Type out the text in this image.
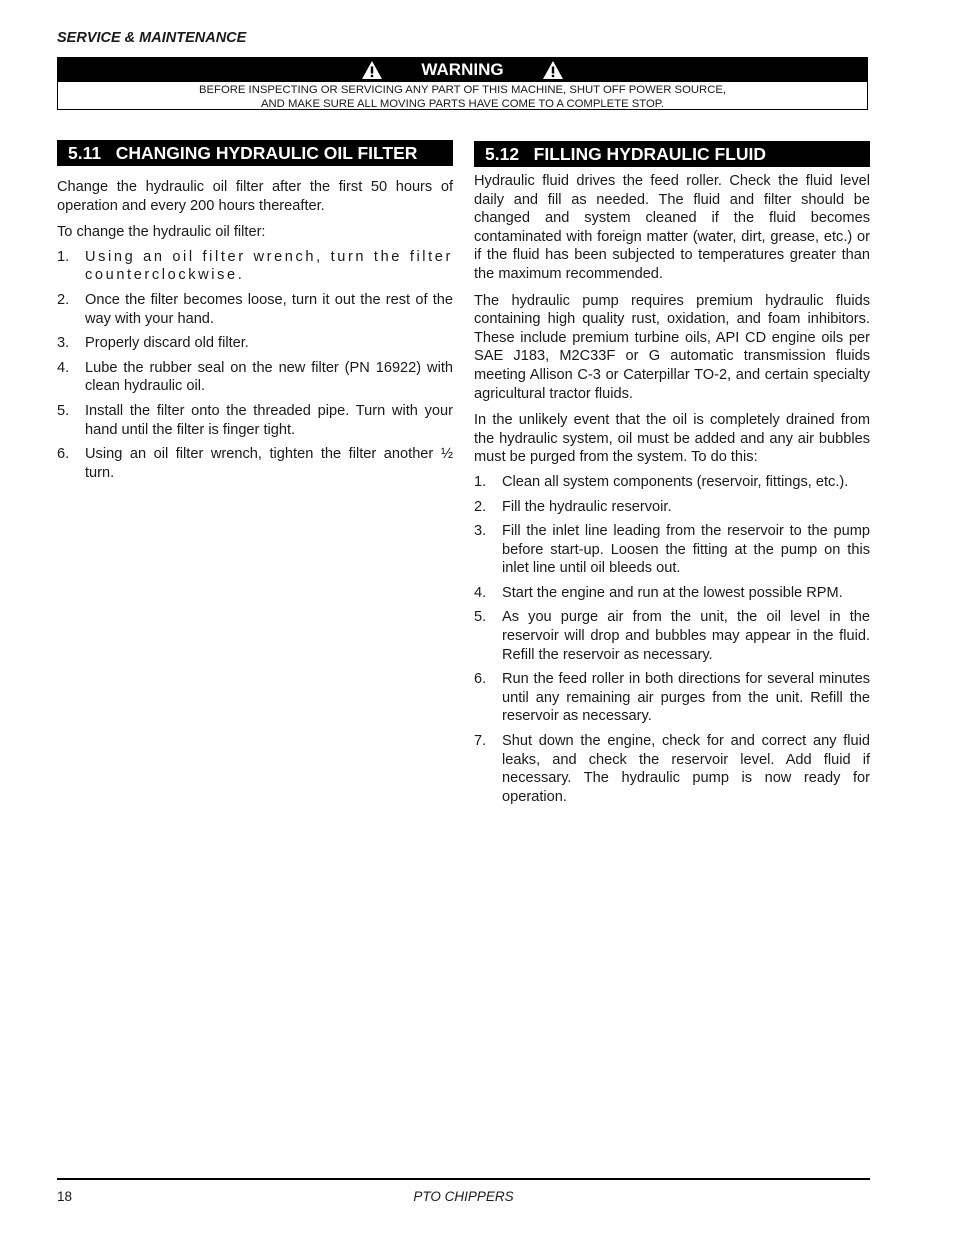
SERVICE & MAINTENANCE
WARNING
BEFORE INSPECTING OR SERVICING ANY PART OF THIS MACHINE, SHUT OFF POWER SOURCE,
AND MAKE SURE ALL MOVING PARTS HAVE COME TO A COMPLETE STOP.
5.11 CHANGING HYDRAULIC OIL FILTER

Change the hydraulic oil filter after the first 50 hours of operation and every 200 hours thereafter.

To change the hydraulic oil filter:

1. Using an oil filter wrench, turn the filter counterclockwise.
2. Once the filter becomes loose, turn it out the rest of the way with your hand.
3. Properly discard old filter.
4. Lube the rubber seal on the new filter (PN 16922) with clean hydraulic oil.
5. Install the filter onto the threaded pipe. Turn with your hand until the filter is finger tight.
6. Using an oil filter wrench, tighten the filter another ½ turn.
5.12 FILLING HYDRAULIC FLUID

Hydraulic fluid drives the feed roller. Check the fluid level daily and fill as needed. The fluid and filter should be changed and system cleaned if the fluid becomes contaminated with foreign matter (water, dirt, grease, etc.) or if the fluid has been subjected to temperatures greater than the maximum recommended.

The hydraulic pump requires premium hydraulic fluids containing high quality rust, oxidation, and foam inhibitors. These include premium turbine oils, API CD engine oils per SAE J183, M2C33F or G automatic transmission fluids meeting Allison C-3 or Caterpillar TO-2, and certain specialty agricultural tractor fluids.

In the unlikely event that the oil is completely drained from the hydraulic system, oil must be added and any air bubbles must be purged from the system. To do this:

1. Clean all system components (reservoir, fittings, etc.).
2. Fill the hydraulic reservoir.
3. Fill the inlet line leading from the reservoir to the pump before start-up. Loosen the fitting at the pump on this inlet line until oil bleeds out.
4. Start the engine and run at the lowest possible RPM.
5. As you purge air from the unit, the oil level in the reservoir will drop and bubbles may appear in the fluid. Refill the reservoir as necessary.
6. Run the feed roller in both directions for several minutes until any remaining air purges from the unit. Refill the reservoir as necessary.
7. Shut down the engine, check for and correct any fluid leaks, and check the reservoir level. Add fluid if necessary. The hydraulic pump is now ready for operation.
18	PTO CHIPPERS
